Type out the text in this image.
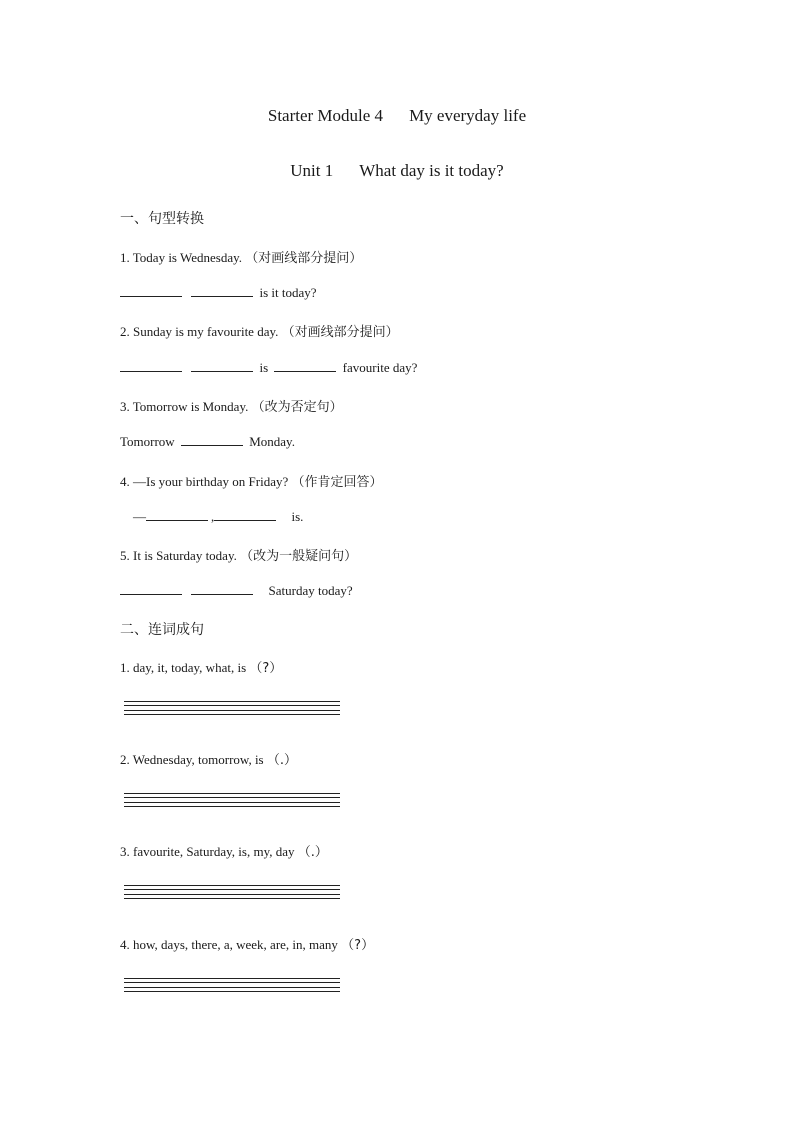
Starter Module 4 My everyday life
Unit 1 What day is it today?
一、句型转换
1. Today is Wednesday. （对画线部分提问）
is it today?
2. Sunday is my favourite day. （对画线部分提问）
is	favourite day?
3. Tomorrow is Monday. （改为否定句）
Tomorrow	Monday.
4. —Is your birthday on Friday? （作肯定回答）
—	,	is.
5. It is Saturday today. （改为一般疑问句）
Saturday today?
二、连词成句
1. day, it, today, what, is （?）
2. Wednesday, tomorrow, is （.）
3. favourite, Saturday, is, my, day （.）
4. how, days, there, a, week, are, in, many （?）
